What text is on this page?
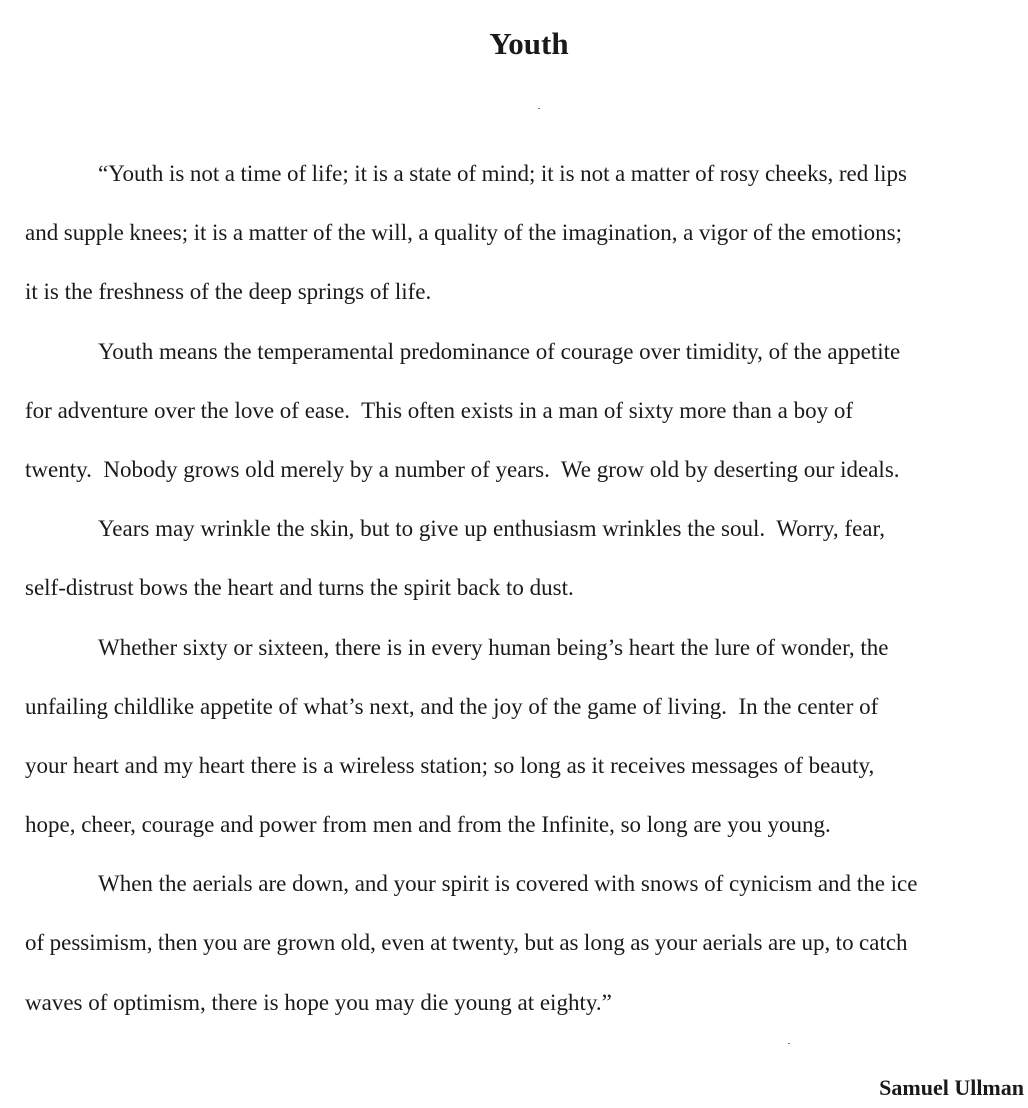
Youth
“Youth is not a time of life; it is a state of mind; it is not a matter of rosy cheeks, red lips
and supple knees; it is a matter of the will, a quality of the imagination, a vigor of the emotions;
it is the freshness of the deep springs of life.
Youth means the temperamental predominance of courage over timidity, of the appetite
for adventure over the love of ease.  This often exists in a man of sixty more than a boy of
twenty.  Nobody grows old merely by a number of years.  We grow old by deserting our ideals.
Years may wrinkle the skin, but to give up enthusiasm wrinkles the soul.  Worry, fear,
self-distrust bows the heart and turns the spirit back to dust.
Whether sixty or sixteen, there is in every human being’s heart the lure of wonder, the
unfailing childlike appetite of what’s next, and the joy of the game of living.  In the center of
your heart and my heart there is a wireless station; so long as it receives messages of beauty,
hope, cheer, courage and power from men and from the Infinite, so long are you young.
When the aerials are down, and your spirit is covered with snows of cynicism and the ice
of pessimism, then you are grown old, even at twenty, but as long as your aerials are up, to catch
waves of optimism, there is hope you may die young at eighty.”

Samuel Ullman
